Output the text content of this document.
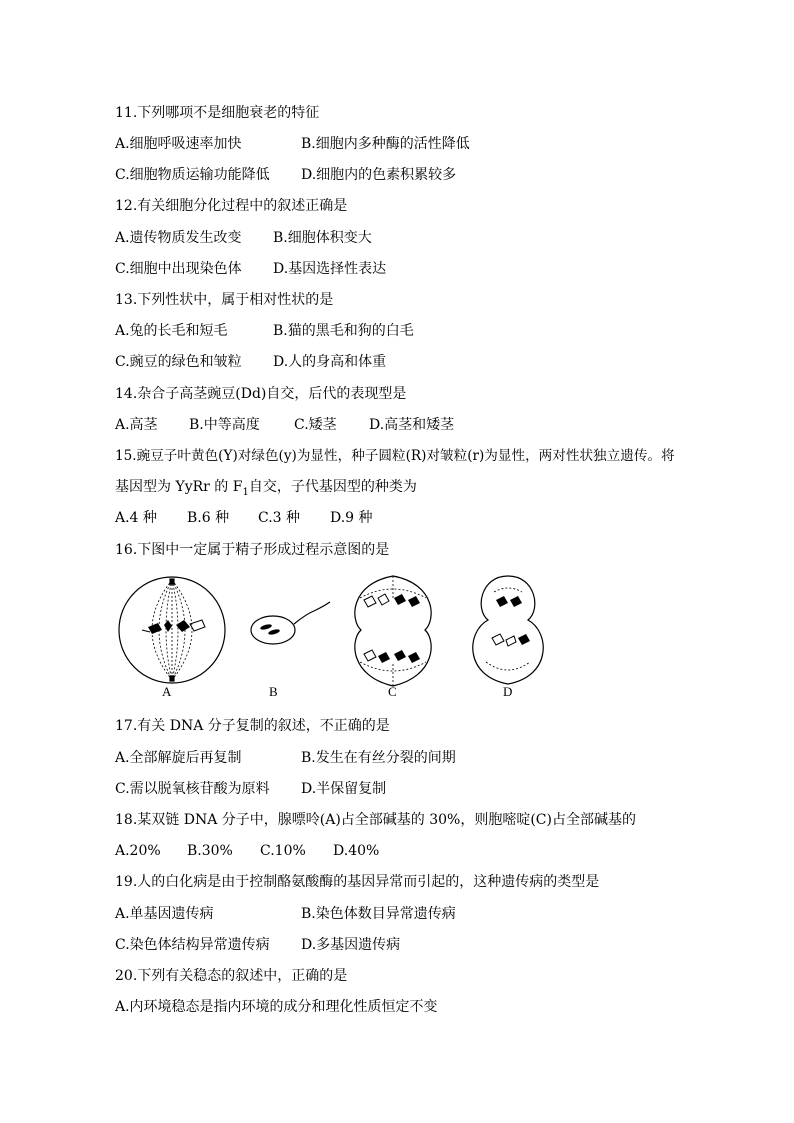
11.下列哪项不是细胞衰老的特征
A.细胞呼吸速率加快	B.细胞内多种酶的活性降低
C.细胞物质运输功能降低 D.细胞内的色素积累较多
12.有关细胞分化过程中的叙述正确是
A.遗传物质发生改变 B.细胞体积变大
C.细胞中出现染色体 D.基因选择性表达
13.下列性状中，属于相对性状的是
A.兔的长毛和短毛	B.猫的黑毛和狗的白毛
C.豌豆的绿色和皱粒 D.人的身高和体重
14.杂合子高茎豌豆(Dd)自交，后代的表现型是
A.高茎 B.中等高度 C.矮茎 D.高茎和矮茎
15.豌豆子叶黄色(Y)对绿色(y)为显性，种子圆粒(R)对皱粒(r)为显性，两对性状独立遗传。将
基因型为 YyRr 的 $F_1$自交，子代基因型的种类为
A.4 种 B.6 种 C.3 种 D.9 种
16.下图中一定属于精子形成过程示意图的是
A	B	C	D
17.有关 DNA 分子复制的叙述，不正确的是
A.全部解旋后再复制	B.发生在有丝分裂的间期
C.需以脱氧核苷酸为原料 D.半保留复制
18.某双链 DNA 分子中，腺嘌呤(A)占全部碱基的 30%，则胞嘧啶(C)占全部碱基的
A.20% B.30% C.10% D.40%
19.人的白化病是由于控制酪氨酸酶的基因异常而引起的，这种遗传病的类型是
A.单基因遗传病	B.染色体数目异常遗传病
C.染色体结构异常遗传病 D.多基因遗传病
20.下列有关稳态的叙述中，正确的是
A.内环境稳态是指内环境的成分和理化性质恒定不变
